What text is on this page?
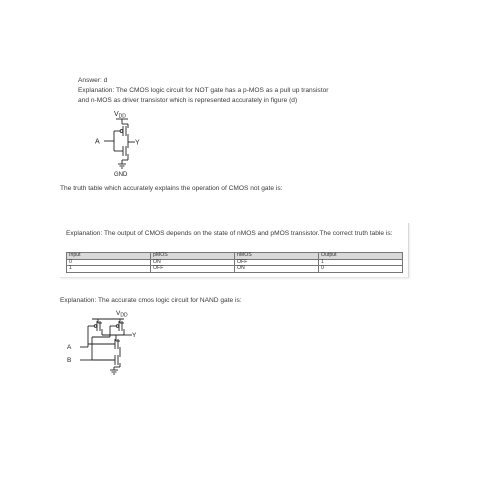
Answer: d
Explanation: The CMOS logic circuit for NOT gate has a p-MOS as a pull up transistor
and n-MOS as driver transistor which is represented accurately in figure (d)
$V_{DD}$
A	Y
GND
The truth table which accurately explains the operation of CMOS not gate is:
Explanation: The output of CMOS depends on the state of nMOS and pMOS transistor.The correct truth table is:
Input	pMOS	nMOS	Output
0	ON	OFF	1
1	OFF	ON	0
Explanation: The accurate cmos logic circuit for NAND gate is:
$V_{DD}$
A
B
Y
